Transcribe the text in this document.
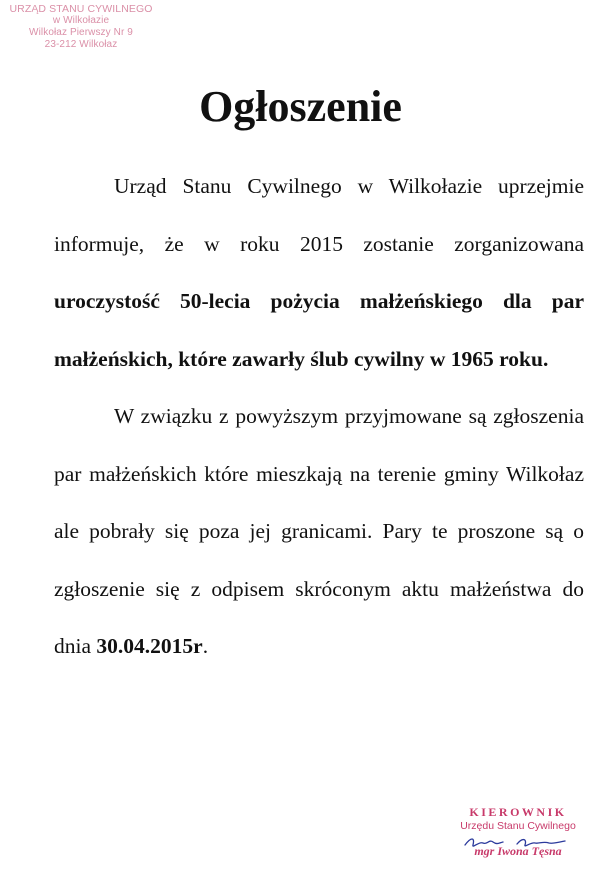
URZĄD STANU CYWILNEGO
w Wilkołazie
Wilkołaz Pierwszy Nr 9
23-212 Wilkołaz
Ogłoszenie

Urząd Stanu Cywilnego w Wilkołazie uprzejmie informuje, że w roku 2015 zostanie zorganizowana uroczystość 50-lecia pożycia małżeńskiego dla par małżeńskich, które zawarły ślub cywilny w 1965 roku.

W związku z powyższym przyjmowane są zgłoszenia par małżeńskich które mieszkają na terenie gminy Wilkołaz ale pobrały się poza jej granicami. Pary te proszone są o zgłoszenie się z odpisem skróconym aktu małżeństwa do dnia 30.04.2015r.

KIEROWNIK
Urzędu Stanu Cywilnego
mgr Iwona Tęsna
